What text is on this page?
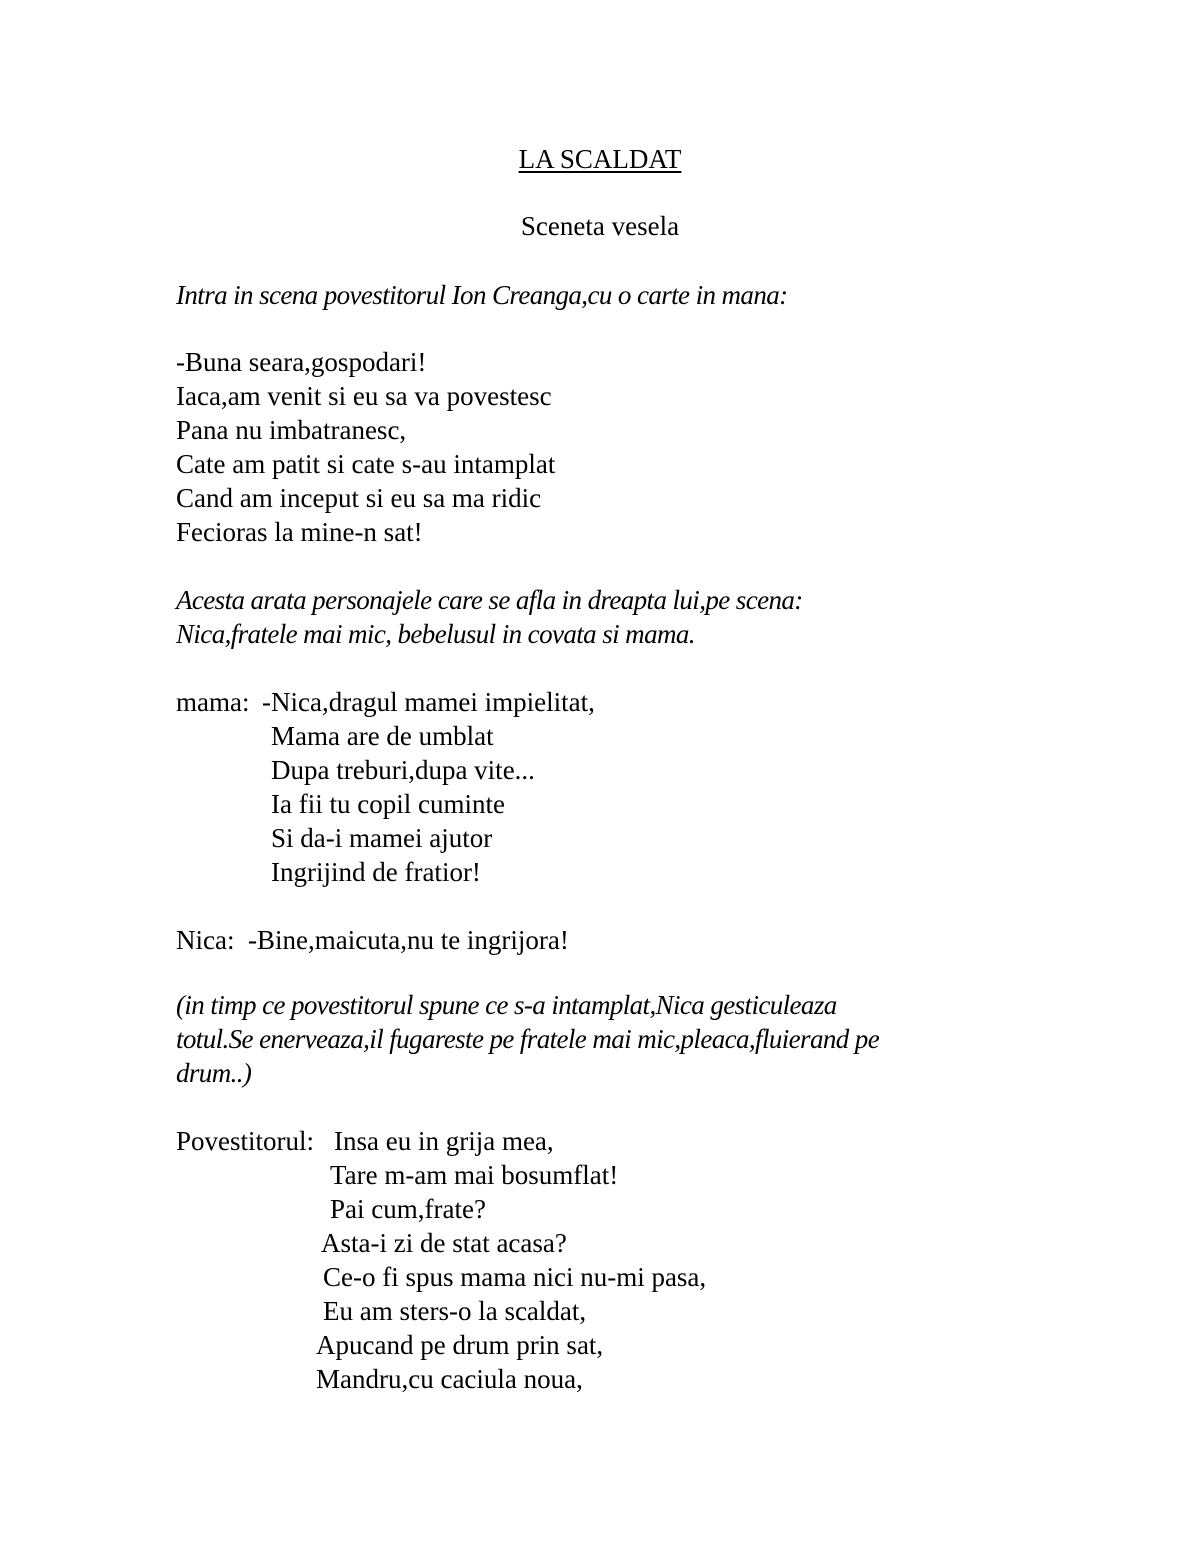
LA SCALDAT
Sceneta vesela
Intra in scena povestitorul Ion Creanga,cu o carte in mana:
-Buna seara,gospodari!
Iaca,am venit si eu sa va povestesc
Pana nu imbatranesc,
Cate am patit si cate s-au intamplat
Cand am inceput si eu sa ma ridic
Fecioras la mine-n sat!
Acesta arata personajele care se afla in dreapta lui,pe scena:
Nica,fratele mai mic, bebelusul in covata si mama.
mama: -Nica,dragul mamei impielitat,
Mama are de umblat
Dupa treburi,dupa vite...
Ia fii tu copil cuminte
Si da-i mamei ajutor
Ingrijind de fratior!
Nica: -Bine,maicuta,nu te ingrijora!
(in timp ce povestitorul spune ce s-a intamplat,Nica gesticuleaza
totul.Se enerveaza,il fugareste pe fratele mai mic,pleaca,fluierand pe
drum..)
Povestitorul: Insa eu in grija mea,
Tare m-am mai bosumflat!
Pai cum,frate?
Asta-i zi de stat acasa?
Ce-o fi spus mama nici nu-mi pasa,
Eu am sters-o la scaldat,
Apucand pe drum prin sat,
Mandru,cu caciula noua,
